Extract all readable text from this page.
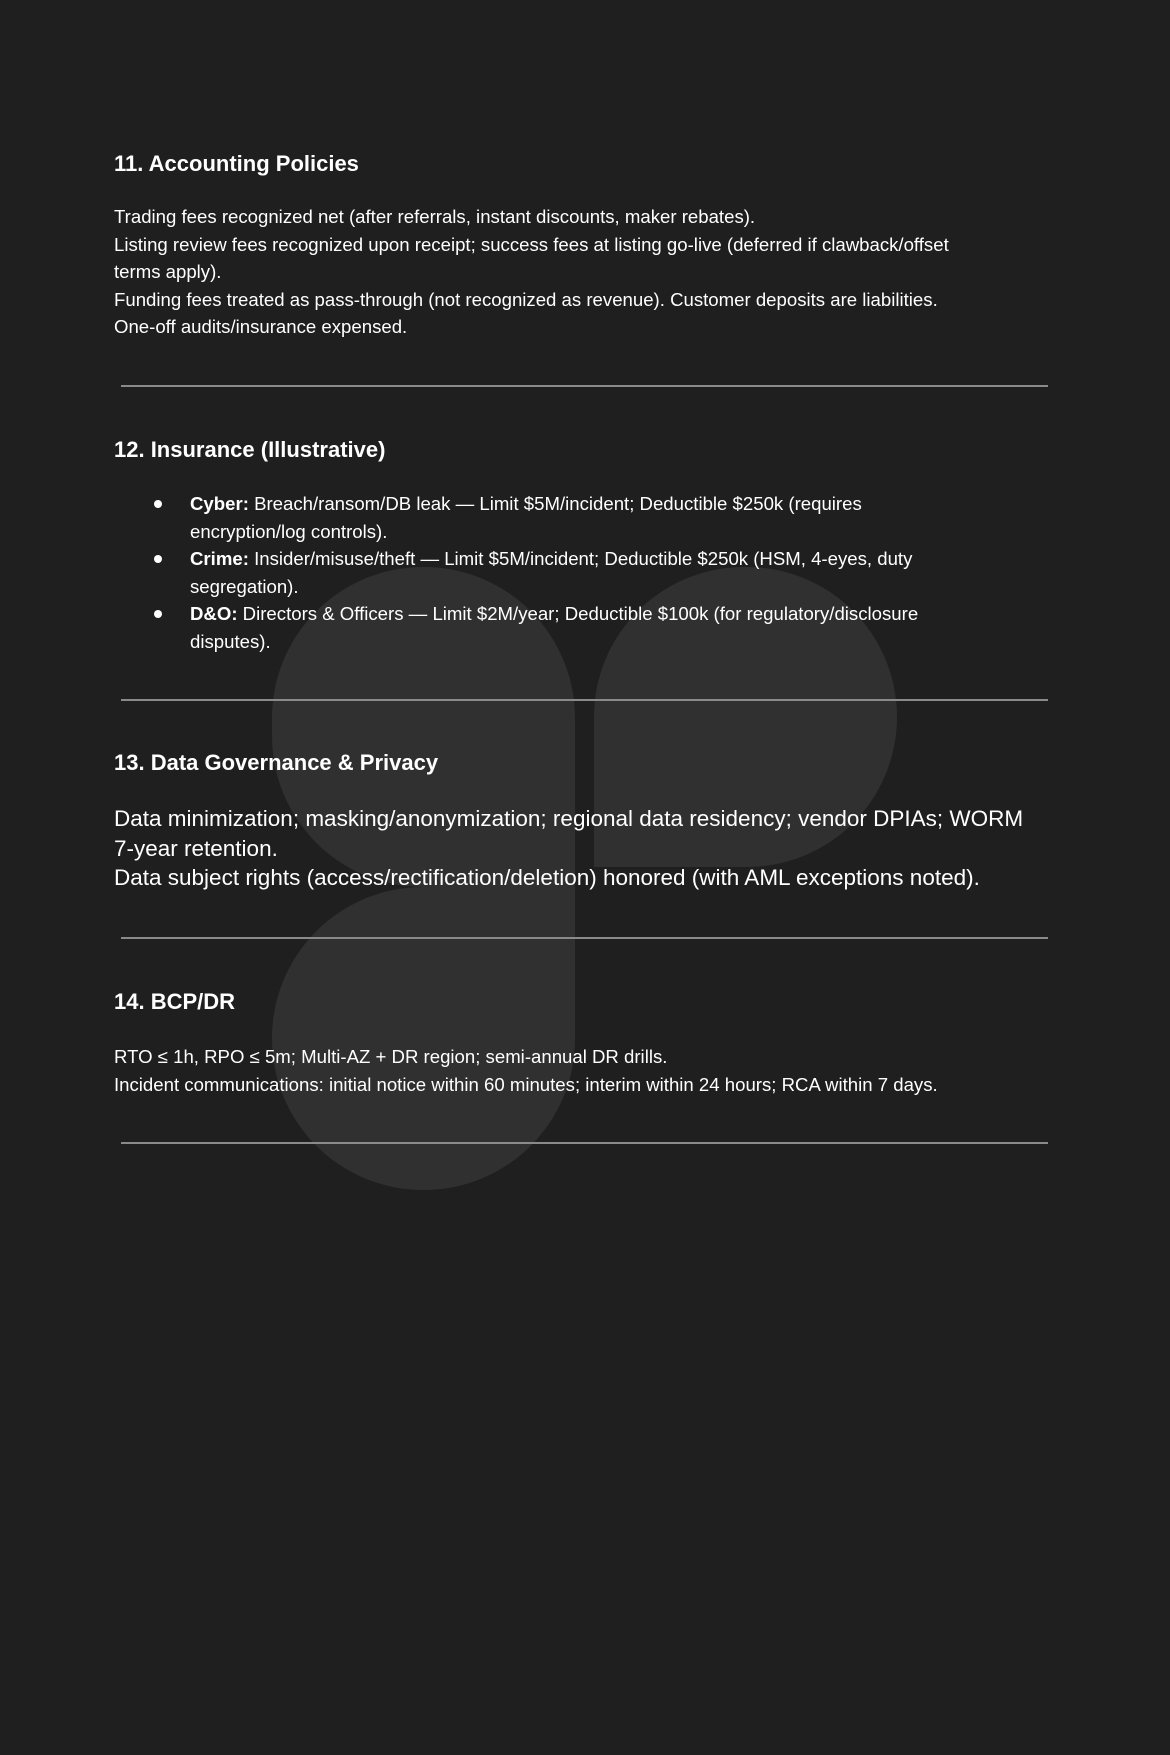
11. Accounting Policies
Trading fees recognized net (after referrals, instant discounts, maker rebates).
Listing review fees recognized upon receipt; success fees at listing go-live (deferred if clawback/offset
terms apply).
Funding fees treated as pass-through (not recognized as revenue). Customer deposits are liabilities.
One-off audits/insurance expensed.
12. Insurance (Illustrative)
Cyber: Breach/ransom/DB leak — Limit $5M/incident; Deductible $250k (requires
encryption/log controls).
Crime: Insider/misuse/theft — Limit $5M/incident; Deductible $250k (HSM, 4-eyes, duty
segregation).
D&O: Directors & Officers — Limit $2M/year; Deductible $100k (for regulatory/disclosure
disputes).
13. Data Governance & Privacy
Data minimization; masking/anonymization; regional data residency; vendor DPIAs; WORM
7-year retention.
Data subject rights (access/rectification/deletion) honored (with AML exceptions noted).
14. BCP/DR
RTO ≤ 1h, RPO ≤ 5m; Multi-AZ + DR region; semi-annual DR drills.
Incident communications: initial notice within 60 minutes; interim within 24 hours; RCA within 7 days.
